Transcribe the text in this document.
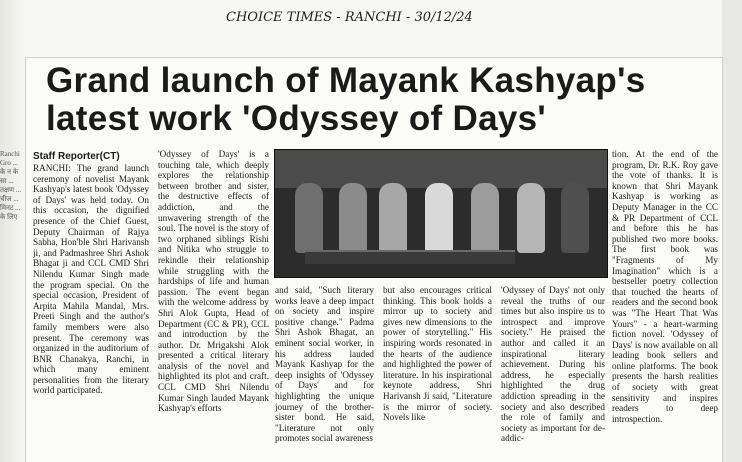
Ranchi Gro ... के न के सा ... तक्षण ... चीज ... मिनट ... के लिए
CHOICE TIMES - RANCHI - 30/12/24
Grand launch of Mayank Kashyap's latest work 'Odyssey of Days'
Staff Reporter(CT)

RANCHI: The grand launch ceremony of novelist Mayank Kashyap's latest book 'Odyssey of Days' was held today. On this occasion, the dignified presence of the Chief Guest, Deputy Chairman of Rajya Sabha, Hon'ble Shri Harivansh ji, and Padmashree Shri Ashok Bhagat ji and CCL CMD Shri Nilendu Kumar Singh made the program special. On the special occasion, President of Arpita Mahila Mandal, Mrs. Preeti Singh and the author's family members were also present. The ceremony was organized in the auditorium of BNR Chanakya, Ranchi, in which many eminent personalities from the literary world participated.

'Odyssey of Days' is a touching tale, which deeply explores the relationship between brother and sister, the destructive effects of addiction, and the unwavering strength of the soul. The novel is the story of two orphaned siblings Rishi and Nitika who struggle to rekindle their relationship while struggling with the hardships of life and human passion. The event began with the welcome address by Shri Alok Gupta, Head of Department (CC & PR), CCL and introduction by the author. Dr. Mrigakshi Alok presented a critical literary analysis of the novel and highlighted its plot and craft. CCL CMD Shri Nilendu Kumar Singh lauded Mayank Kashyap's efforts

and said, "Such literary works leave a deep impact on society and inspire positive change." Padma Shri Ashok Bhagat, an eminent social worker, in his address lauded Mayank Kashyap for the deep insights of 'Odyssey of Days' and for highlighting the unique journey of the brother-sister bond. He said, "Literature not only promotes social awareness

but also encourages critical thinking. This book holds a mirror up to society and gives new dimensions to the power of storytelling." His inspiring words resonated in the hearts of the audience and highlighted the power of literature. In his inspirational keynote address, Shri Harivansh Ji said, "Literature is the mirror of society. Novels like

'Odyssey of Days' not only reveal the truths of our times but also inspire us to introspect and improve society." He praised the author and called it an inspirational literary achievement. During his address, he especially highlighted the drug addiction spreading in the society and also described the role of family and society as important for de-addic-

tion. At the end of the program, Dr. R.K. Roy gave the vote of thanks. It is known that Shri Mayank Kashyap is working as Deputy Manager in the CC & PR Department of CCL and before this he has published two more books. The first book was "Fragments of My Imagination" which is a bestseller poetry collection that touched the hearts of readers and the second book was "The Heart That Was Yours" - a heart-warming fiction novel. 'Odyssey of Days' is now available on all leading book sellers and online platforms. The book presents the harsh realities of society with great sensitivity and inspires readers to deep introspection.
